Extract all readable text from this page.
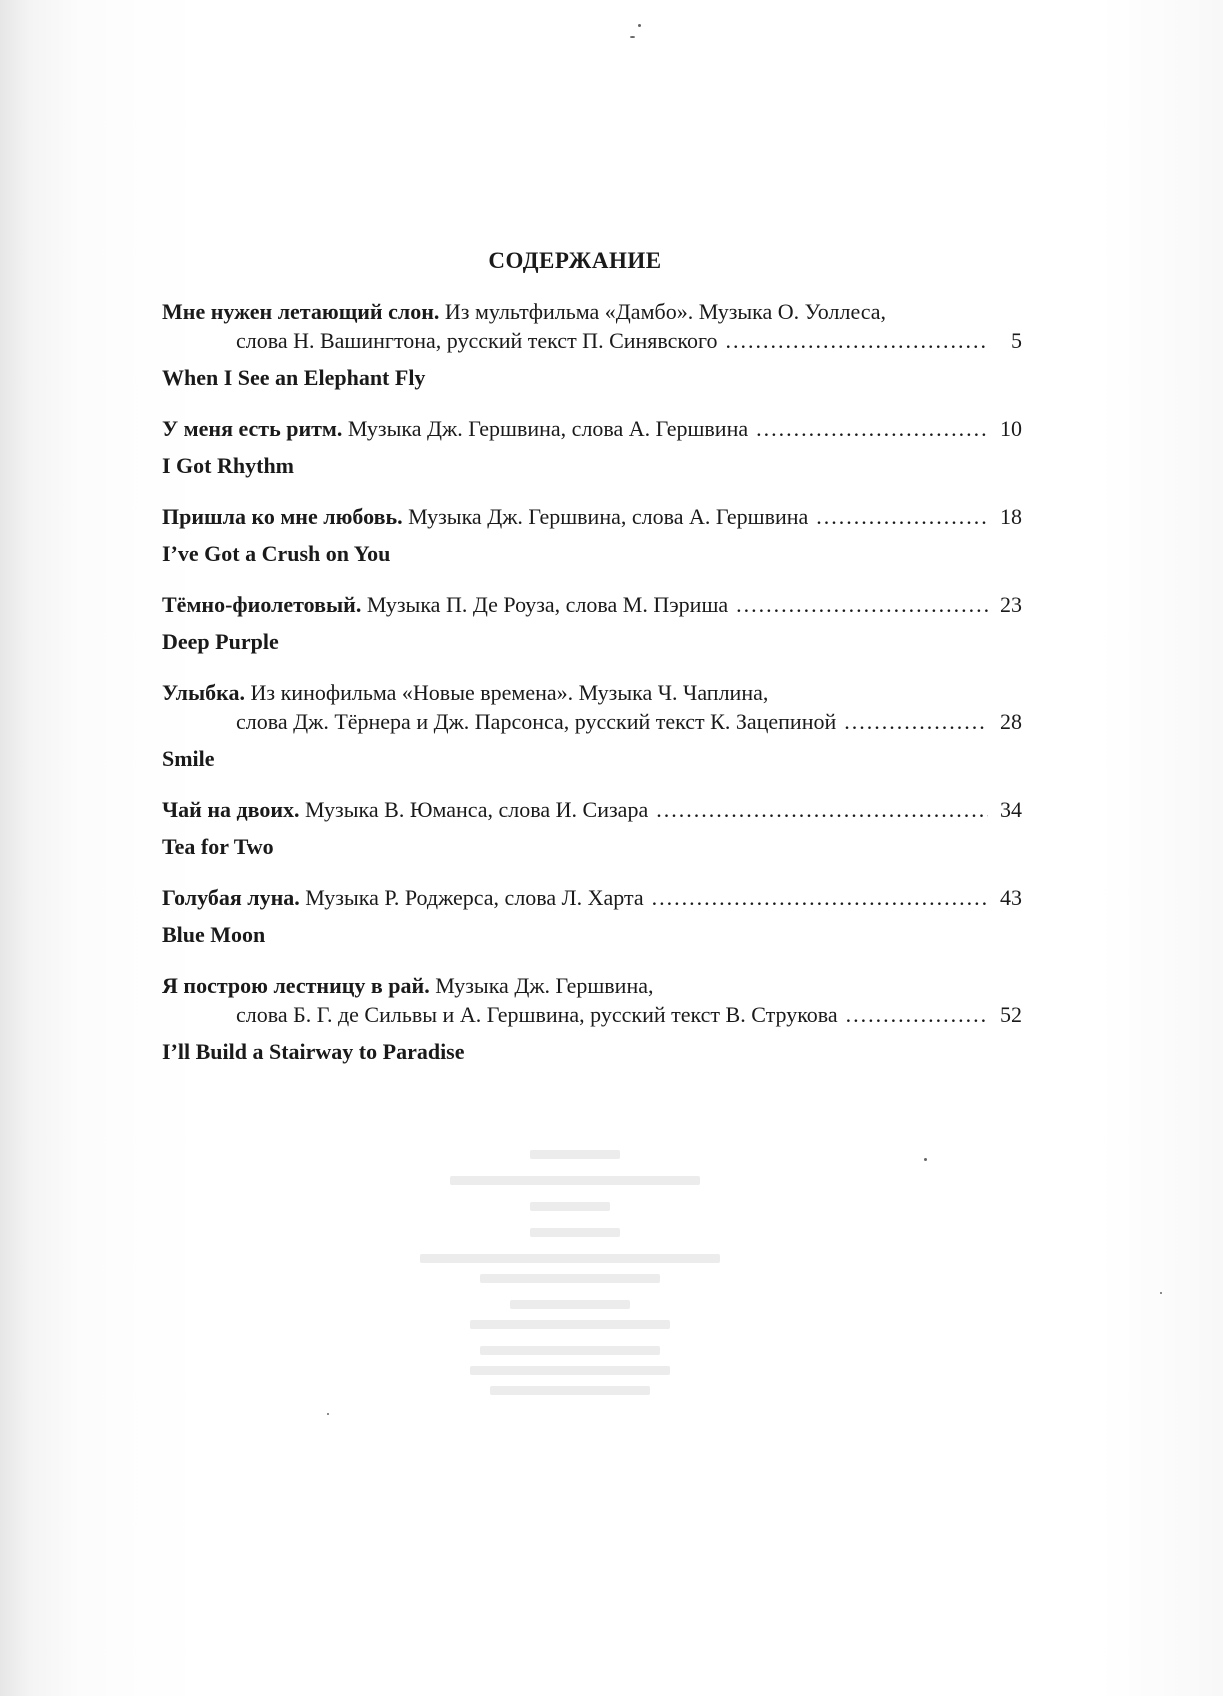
СОДЕРЖАНИЕ
Мне нужен летающий слон. Из мультфильма «Дамбо». Музыка О. Уоллеса,
слова Н. Вашингтона, русский текст П. Синявского .....	5
When I See an Elephant Fly
У меня есть ритм. Музыка Дж. Гершвина, слова А. Гершвина .....	10
I Got Rhythm
Пришла ко мне любовь. Музыка Дж. Гершвина, слова А. Гершвина .....	18
I’ve Got a Crush on You
Тёмно-фиолетовый. Музыка П. Де Роуза, слова М. Пэриша .....	23
Deep Purple
Улыбка. Из кинофильма «Новые времена». Музыка Ч. Чаплина,
слова Дж. Тёрнера и Дж. Парсонса, русский текст К. Зацепиной .....	28
Smile
Чай на двоих. Музыка В. Юманса, слова И. Сизара .....	34
Tea for Two
Голубая луна. Музыка Р. Роджерса, слова Л. Харта .....	43
Blue Moon
Я построю лестницу в рай. Музыка Дж. Гершвина,
слова Б. Г. де Сильвы и А. Гершвина, русский текст В. Струкова .....	52
I’ll Build a Stairway to Paradise
